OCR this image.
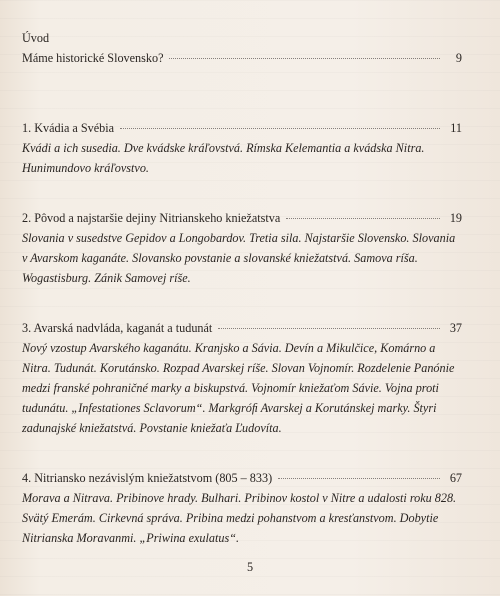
Úvod
Máme historické Slovensko?	9
1. Kvádia a Svébia	11

Kvádi a ich susedia. Dve kvádske kráľovstvá. Rímska Kelemantia a kvádska Nitra. Hunimundovo kráľovstvo.

2. Pôvod a najstaršie dejiny Nitrianskeho kniežatstva	19

Slovania v susedstve Gepidov a Longobardov. Tretia sila. Najstaršie Slovensko. Slovania v Avarskom kaganáte. Slovansko povstanie a slovanské kniežatstvá. Samova ríša. Wogastisburg. Zánik Samovej ríše.

3. Avarská nadvláda, kaganát a tudunát	37

Nový vzostup Avarského kaganátu. Kranjsko a Sávia. Devín a Mikulčice, Komárno a Nitra. Tudunát. Korutánsko. Rozpad Avarskej ríše. Slovan Vojnomír. Rozdelenie Panónie medzi franské pohraničné marky a biskupstvá. Vojnomír kniežaťom Sávie. Vojna proti tudunátu. „Infestationes Sclavorum“. Markgróﬁ Avarskej a Korutánskej marky. Štyri zadunajské kniežatstvá. Povstanie kniežaťa Ľudovíta.

4. Nitriansko nezávislým kniežatstvom (805 – 833)	67

Morava a Nitrava. Pribinove hrady. Bulhari. Pribinov kostol v Nitre a udalosti roku 828. Svätý Emerám. Cirkevná správa. Pribina medzi pohanstvom a kresťanstvom. Dobytie Nitrianska Moravanmi. „Priwina exulatus“.

5
